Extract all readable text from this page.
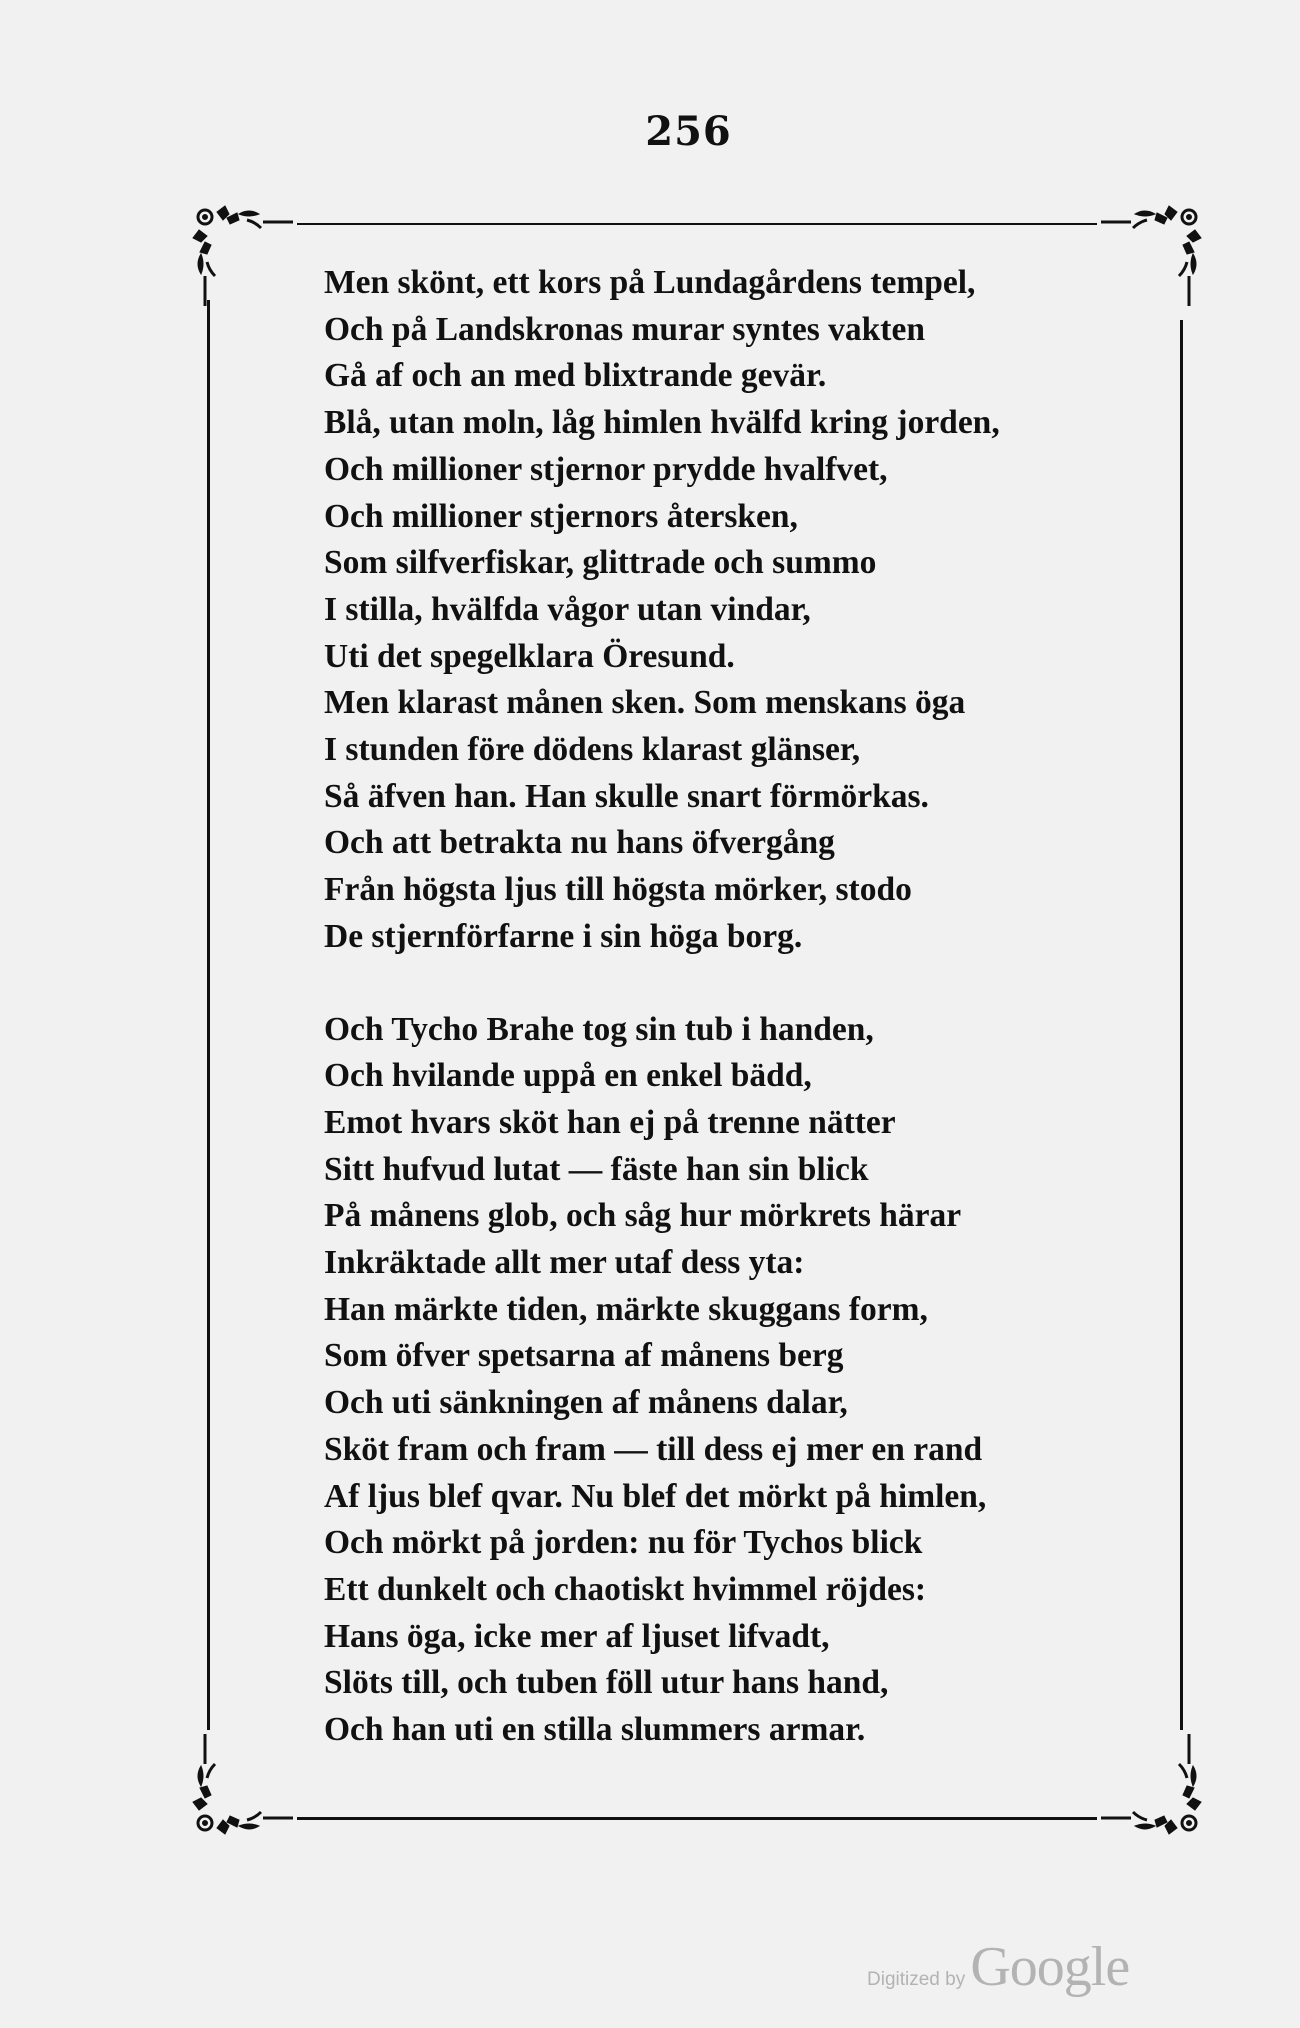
256
Men skönt, ett kors på Lundagårdens tempel,
Och på Landskronas murar syntes vakten
Gå af och an med blixtrande gevär.
Blå, utan moln, låg himlen hvälfd kring jorden,
Och millioner stjernor prydde hvalfvet,
Och millioner stjernors återsken,
Som silfverfiskar, glittrade och summo
I stilla, hvälfda vågor utan vindar,
Uti det spegelklara Öresund.
Men klarast månen sken. Som menskans öga
I stunden före dödens klarast glänser,
Så äfven han. Han skulle snart förmörkas.
Och att betrakta nu hans öfvergång
Från högsta ljus till högsta mörker, stodo
De stjernförfarne i sin höga borg.
Och Tycho Brahe tog sin tub i handen,
Och hvilande uppå en enkel bädd,
Emot hvars sköt han ej på trenne nätter
Sitt hufvud lutat — fäste han sin blick
På månens glob, och såg hur mörkrets härar
Inkräktade allt mer utaf dess yta:
Han märkte tiden, märkte skuggans form,
Som öfver spetsarna af månens berg
Och uti sänkningen af månens dalar,
Sköt fram och fram — till dess ej mer en rand
Af ljus blef qvar. Nu blef det mörkt på himlen,
Och mörkt på jorden: nu för Tychos blick
Ett dunkelt och chaotiskt hvimmel röjdes:
Hans öga, icke mer af ljuset lifvadt,
Slöts till, och tuben föll utur hans hand,
Och han uti en stilla slummers armar.
Digitized by Google
